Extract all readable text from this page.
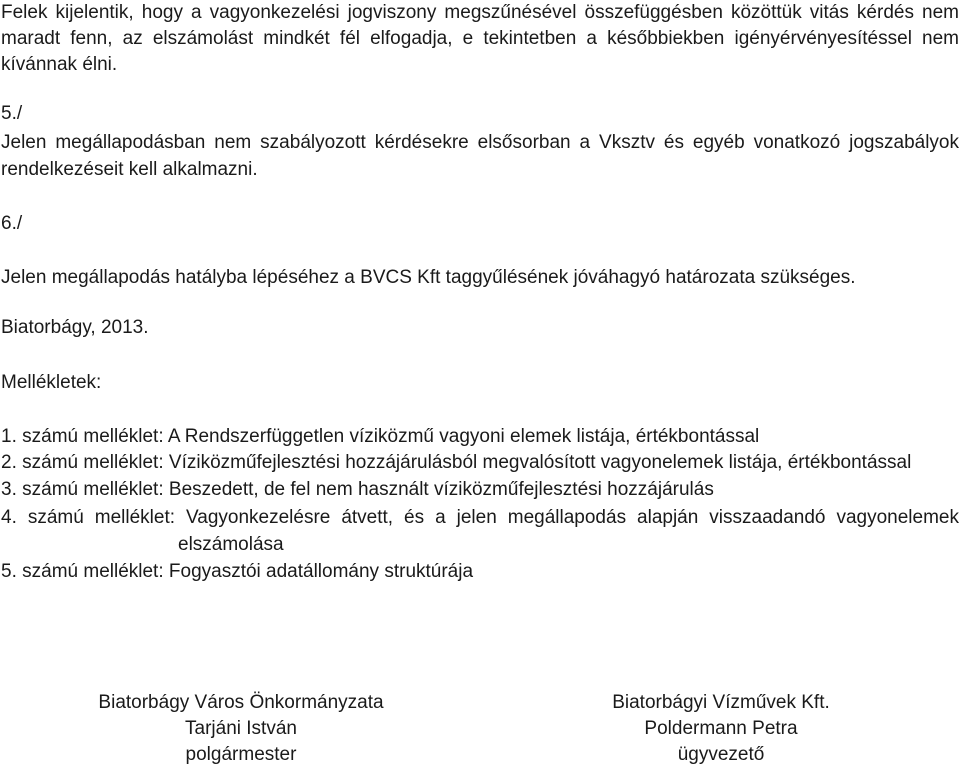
Felek kijelentik, hogy a vagyonkezelési jogviszony megszűnésével összefüggésben közöttük vitás kérdés nem
maradt fenn, az elszámolást mindkét fél elfogadja, e tekintetben a későbbiekben igényérvényesítéssel nem
kívánnak élni.
5./
Jelen megállapodásban nem szabályozott kérdésekre elsősorban a Vksztv és egyéb vonatkozó jogszabályok
rendelkezéseit kell alkalmazni.
6./
Jelen megállapodás hatályba lépéséhez a BVCS Kft taggyűlésének jóváhagyó határozata szükséges.
Biatorbágy, 2013.
Mellékletek:
1. számú melléklet: A Rendszerfüggetlen víziközmű vagyoni elemek listája, értékbontással
2. számú melléklet: Víziközműfejlesztési hozzájárulásból megvalósított vagyonelemek listája, értékbontással
3. számú melléklet: Beszedett, de fel nem használt víziközműfejlesztési hozzájárulás
4. számú melléklet: Vagyonkezelésre átvett, és a jelen megállapodás alapján visszaadandó vagyonelemek
elszámolása
5. számú melléklet: Fogyasztói adatállomány struktúrája
Biatorbágy Város Önkormányzata
Tarjáni István
polgármester
Biatorbágyi Vízművek Kft.
Poldermann Petra
ügyvezető
